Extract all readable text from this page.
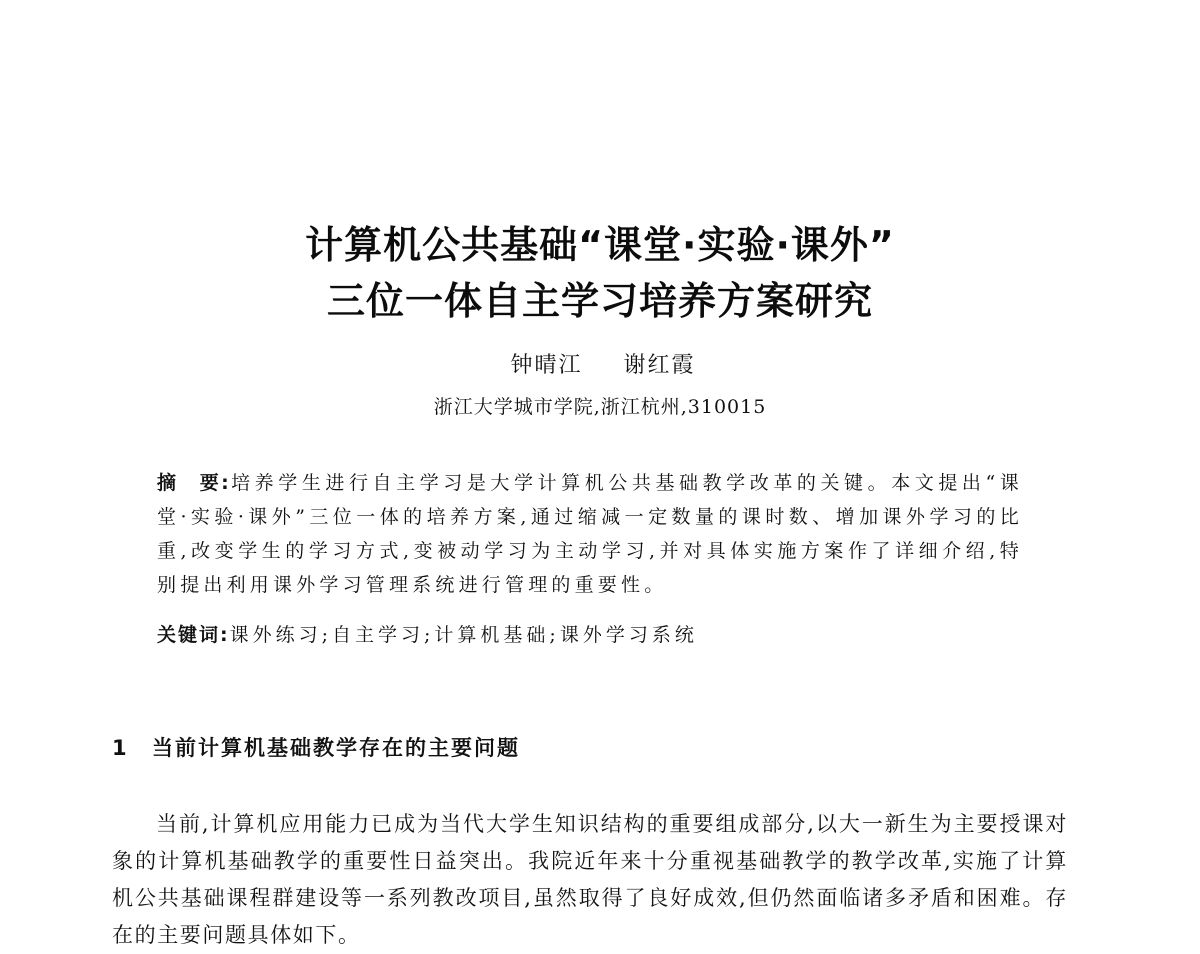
计算机公共基础“课堂·实验·课外”
三位一体自主学习培养方案研究
钟晴江 谢红霞
浙江大学城市学院,浙江杭州,310015

摘　要:培养学生进行自主学习是大学计算机公共基础教学改革的关键。本文提出“课堂·实验·课外”三位一体的培养方案,通过缩减一定数量的课时数、增加课外学习的比重,改变学生的学习方式,变被动学习为主动学习,并对具体实施方案作了详细介绍,特别提出利用课外学习管理系统进行管理的重要性。

关键词:课外练习;自主学习;计算机基础;课外学习系统
1 当前计算机基础教学存在的主要问题

当前,计算机应用能力已成为当代大学生知识结构的重要组成部分,以大一新生为主要授课对象的计算机基础教学的重要性日益突出。我院近年来十分重视基础教学的教学改革,实施了计算机公共基础课程群建设等一系列教改项目,虽然取得了良好成效,但仍然面临诸多矛盾和困难。存在的主要问题具体如下。
